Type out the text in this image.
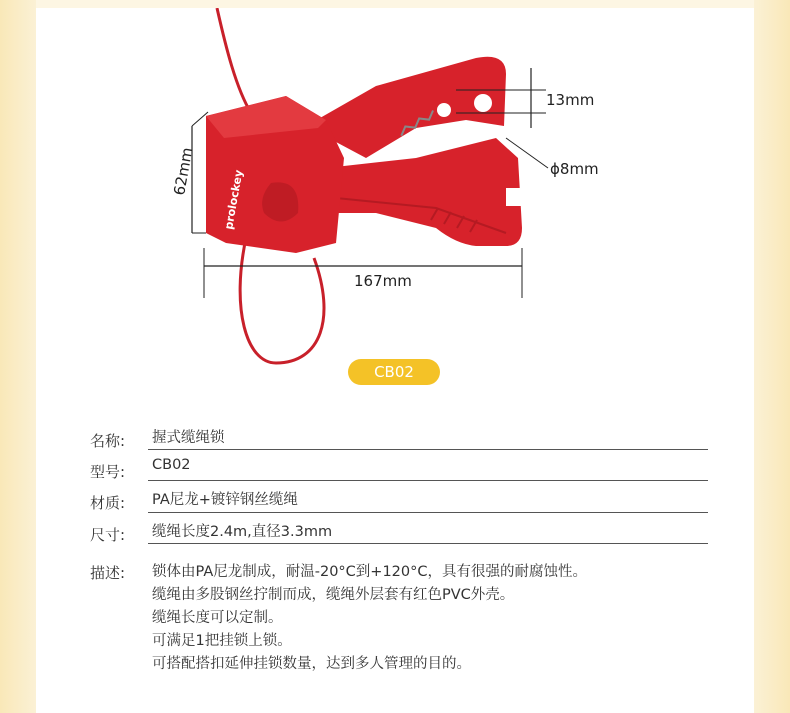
prolockey
62mm
167mm
13mm
ϕ8mm
CB02
名称:	握式缆绳锁
型号:	CB02
材质:	PA尼龙+镀锌钢丝缆绳
尺寸:	缆绳长度2.4m,直径3.3mm
描述:	锁体由PA尼龙制成，耐温-20°C到+120°C，具有很强的耐腐蚀性。
缆绳由多股钢丝拧制而成，缆绳外层套有红色PVC外壳。
缆绳长度可以定制。
可满足1把挂锁上锁。
可搭配搭扣延伸挂锁数量，达到多人管理的目的。
